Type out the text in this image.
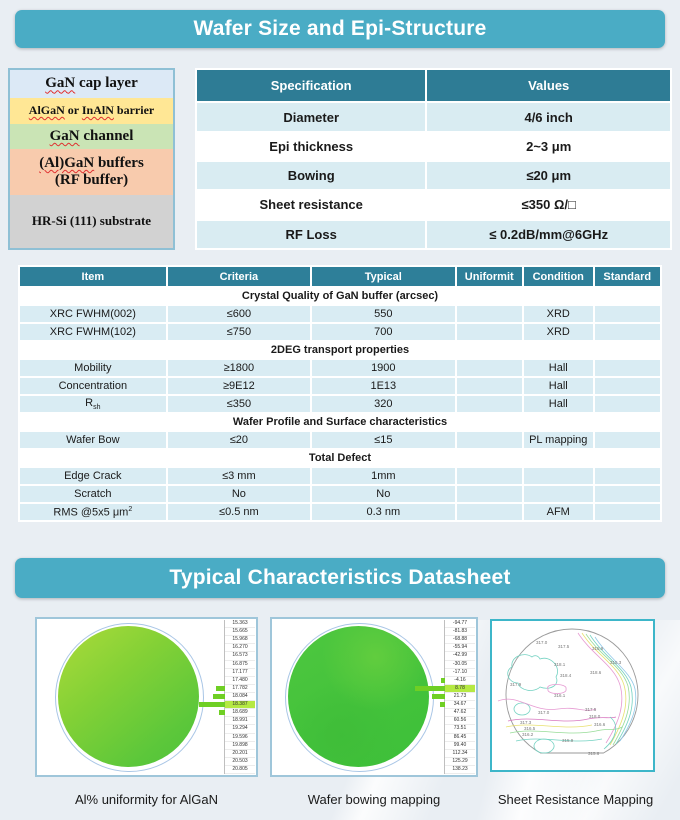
Wafer Size and Epi-Structure
GaN cap layer
AlGaN or InAlN barrier
GaN channel
(Al)GaN buffers
(RF buffer)
HR-Si (111) substrate
Specification	Values
Diameter	4/6 inch
Epi thickness	2~3 μm
Bowing	≤20 μm
Sheet resistance	≤350 Ω/□
RF Loss	≤ 0.2dB/mm@6GHz
Item	Criteria	Typical	Uniformit	Condition	Standard
Crystal Quality of GaN buffer (arcsec)					
XRC FWHM(002)	≤600	550		XRD	
XRC FWHM(102)	≤750	700		XRD	
2DEG transport properties					
Mobility	≥1800	1900		Hall	
Concentration	≥9E12	1E13		Hall	
$R_{sh}$	≤350	320		Hall	
Wafer Profile and Surface characteristics					
Wafer Bow	≤20	≤15		PL mapping	
Total Defect					
Edge Crack	≤3 mm	1mm			
Scratch	No	No			
RMS @5x5 $\mu m^2$	≤0.5 nm	0.3 nm		AFM	
Typical Characteristics Datasheet
15.363
15.665
15.968
16.270
16.573
16.875
17.177
17.480
17.782
18.084
18.387
18.689
18.991
19.294
19.596
19.898
20.201
20.503
20.805
-94.77
-81.83
-68.88
-55.94
-42.99
-30.05
-17.10
-4.16
8.78
21.73
34.67
47.62
60.56
73.51
86.45
99.40
112.34
125.29
138.23
317.0
317.5	315.9
315.3
318.1
318.4
318.6
317.9
316.1
317.0
317.5
318.0
316.6
317.3
316.5
316.2
315.9
315.6
Al% uniformity for AlGaN	Wafer bowing mapping	Sheet Resistance Mapping
